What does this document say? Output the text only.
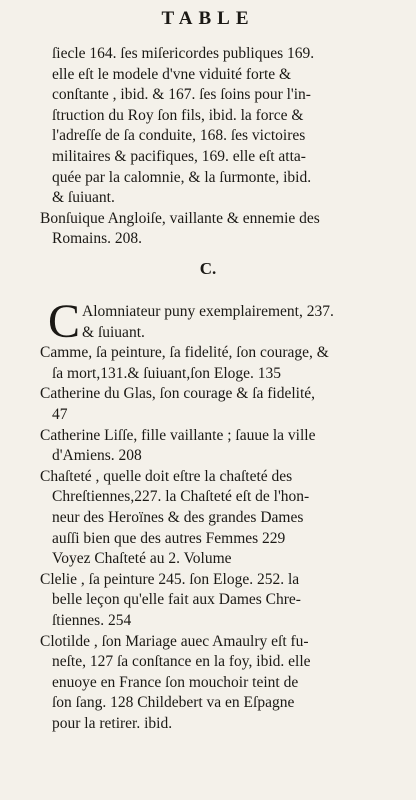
TABLE
ſiecle 164. ſes miſericordes publiques 169.
elle eſt le modele d'vne viduité forte &
conſtante , ibid. & 167. ſes ſoins pour l'in-
ſtruction du Roy ſon fils, ibid. la force &
l'adreſſe de ſa conduite, 168. ſes victoires
militaires & pacifiques, 169. elle eſt atta-
quée par la calomnie, & la ſurmonte, ibid.
& ſuiuant.
Bonſuique Angloiſe, vaillante & ennemie des
Romains. 208.
C.
C Alomniateur puny exemplairement, 237.
& ſuiuant.
Camme, ſa peinture, ſa fidelité, ſon courage, &
ſa mort,131.& ſuiuant,ſon Eloge. 135
Catherine du Glas, ſon courage & ſa fidelité,
47
Catherine Liſſe, fille vaillante ; ſauue la ville
d'Amiens. 208
Chaſteté , quelle doit eſtre la chaſteté des
Chreſtiennes,227. la Chaſteté eſt de l'hon-
neur des Heroïnes & des grandes Dames
auſſi bien que des autres Femmes 229
Voyez Chaſteté au 2. Volume
Clelie , ſa peinture 245. ſon Eloge. 252. la
belle leçon qu'elle fait aux Dames Chre-
ſtiennes. 254
Clotilde , ſon Mariage auec Amaulry eſt fu-
neſte, 127 ſa conſtance en la foy, ibid. elle
enuoye en France ſon mouchoir teint de
ſon ſang. 128 Childebert va en Eſpagne
pour la retirer. ibid.
